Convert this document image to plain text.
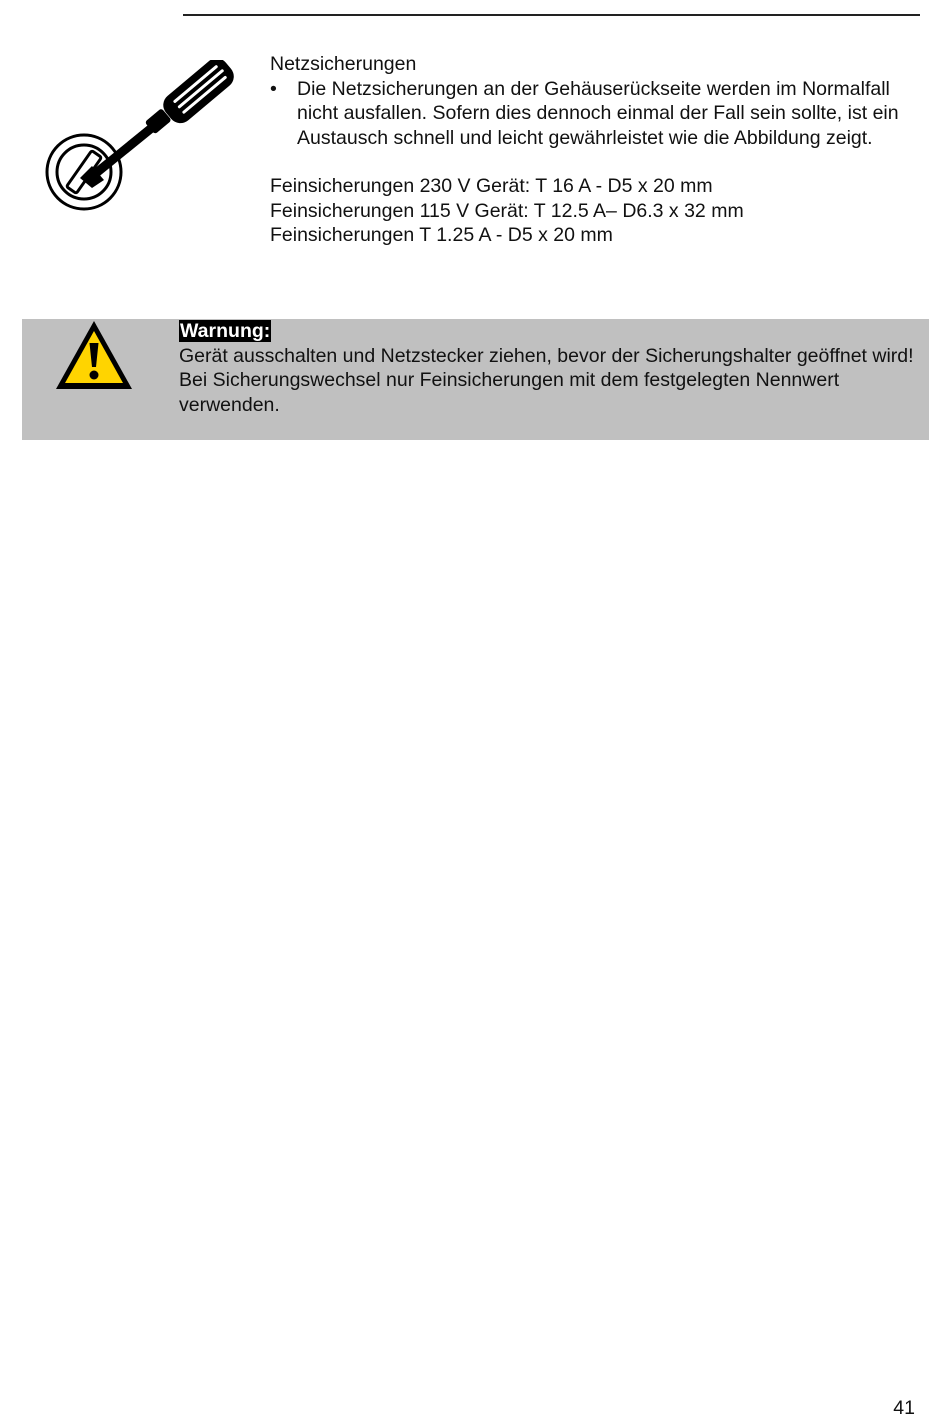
Netzsicherungen
• Die Netzsicherungen an der Gehäuserückseite werden im Normalfall nicht ausfallen. Sofern dies dennoch einmal der Fall sein sollte, ist ein Austausch schnell und leicht gewährleistet wie die Abbildung zeigt.
Feinsicherungen 230 V Gerät: T 16 A - D5 x 20 mm
Feinsicherungen 115 V Gerät: T 12.5 A– D6.3 x 32 mm
Feinsicherungen T 1.25 A - D5 x 20 mm
Warnung:

Gerät ausschalten und Netzstecker ziehen, bevor der Sicherungshalter geöffnet wird!

Bei Sicherungswechsel nur Feinsicherungen mit dem festgelegten Nennwert verwenden.

41
